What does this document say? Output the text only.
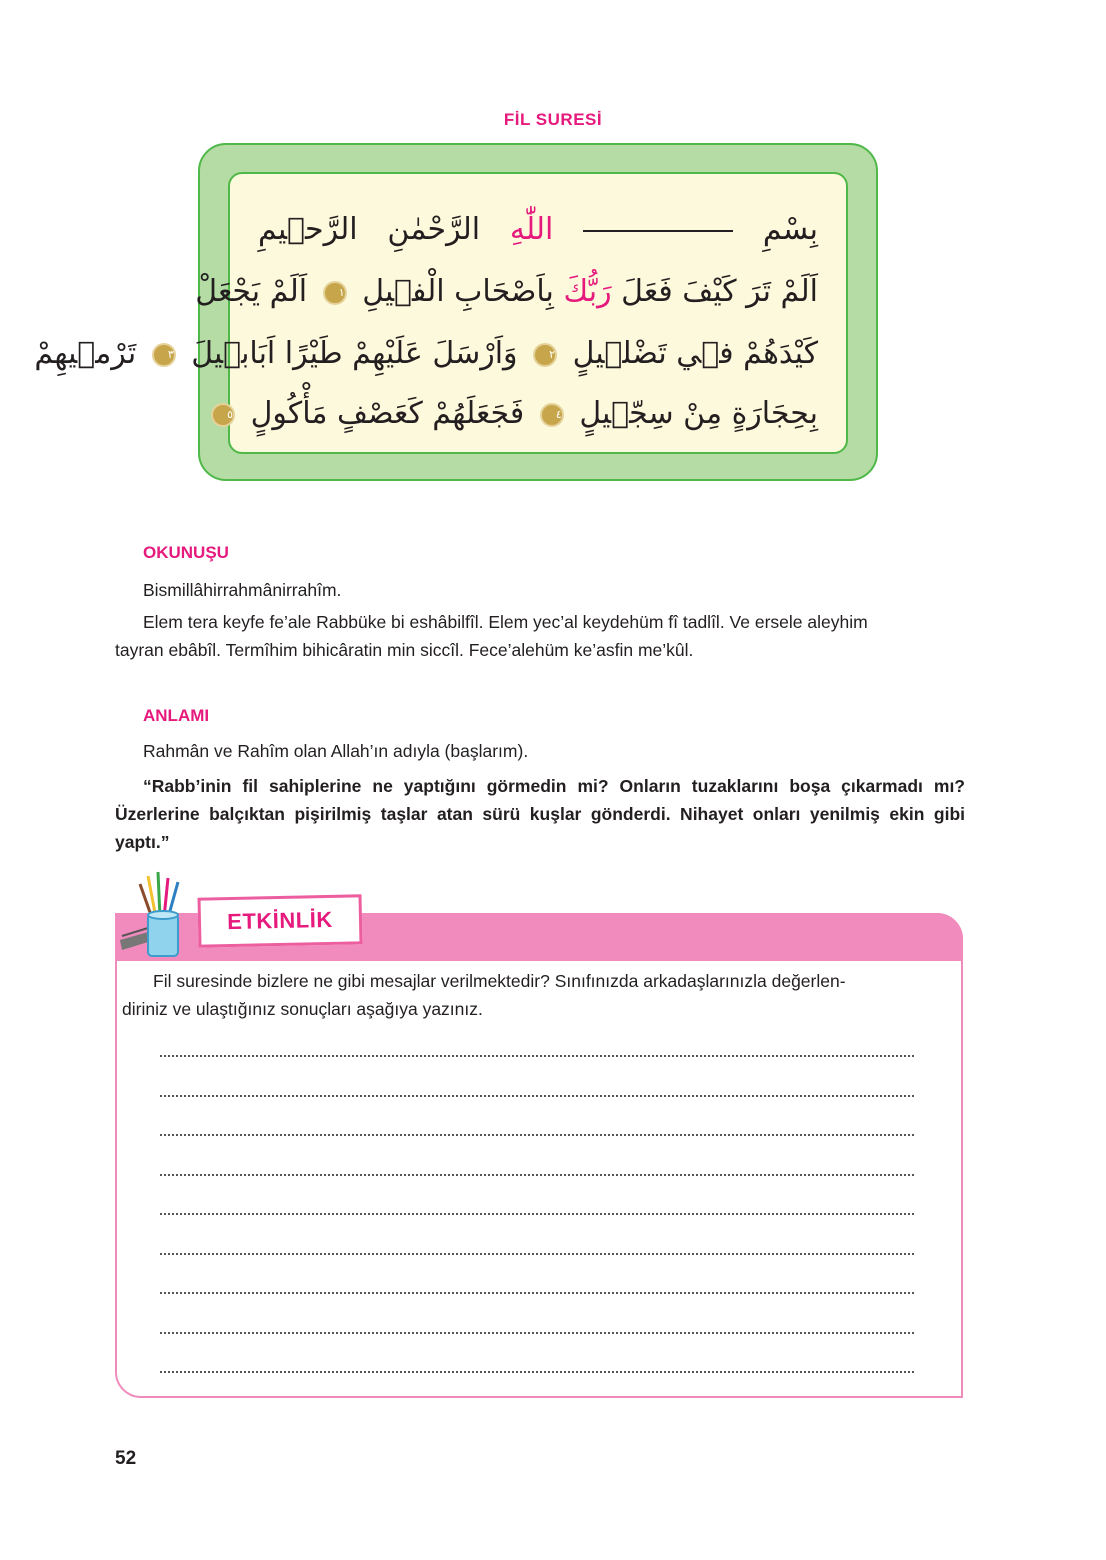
FİL SURESİ
بِسْمِ  اللّٰهِ الرَّحْمٰنِ الرَّح۪يمِ
اَلَمْ تَرَ كَيْفَ فَعَلَ رَبُّكَ بِاَصْحَابِ الْف۪يلِ ١ اَلَمْ يَجْعَلْ
كَيْدَهُمْ ف۪ي تَضْل۪يلٍ ٢ وَاَرْسَلَ عَلَيْهِمْ طَيْرًا اَبَاب۪يلَ ٣ تَرْم۪يهِمْ
بِحِجَارَةٍ مِنْ سِجّ۪يلٍ ٤ فَجَعَلَهُمْ كَعَصْفٍ مَأْكُولٍ ٥
OKUNUŞU
Bismillâhirrahmânirrahîm.
Elem tera keyfe fe’ale Rabbüke bi eshâbilfîl. Elem yec’al keydehüm fî tadlîl. Ve ersele aleyhim
tayran ebâbîl. Termîhim bihicâratin min siccîl. Fece’alehüm ke’asfin me’kûl.
ANLAMI
Rahmân ve Rahîm olan Allah’ın adıyla (başlarım).
“Rabb’inin fil sahiplerine ne yaptığını görmedin mi? Onların tuzaklarını boşa çıkarmadı mı? Üzerlerine balçıktan pişirilmiş taşlar atan sürü kuşlar gönderdi. Nihayet onları yenilmiş ekin gibi yaptı.”
ETKİNLİK
Fil suresinde bizlere ne gibi mesajlar verilmektedir? Sınıfınızda arkadaşlarınızla değerlen-
diriniz ve ulaştığınız sonuçları aşağıya yazınız.
52
